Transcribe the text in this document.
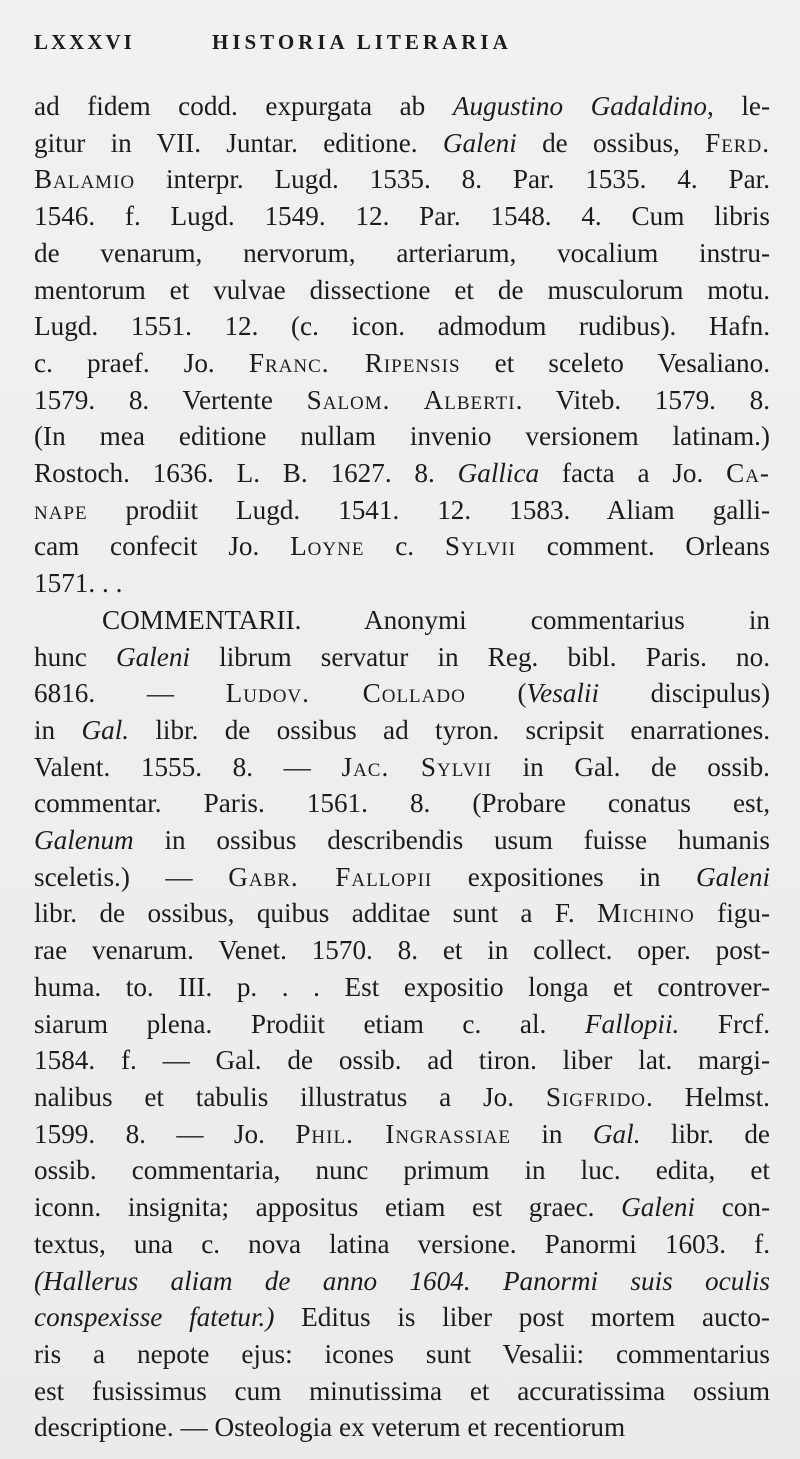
LXXXVI	HISTORIA LITERARIA
ad fidem codd. expurgata ab Augustino Gadaldino, le-
gitur in VII. Juntar. editione. Galeni de ossibus, Ferd.
Balamio interpr. Lugd. 1535. 8. Par. 1535. 4. Par.
1546. f. Lugd. 1549. 12. Par. 1548. 4. Cum libris
de venarum, nervorum, arteriarum, vocalium instru-
mentorum et vulvae dissectione et de musculorum motu.
Lugd. 1551. 12. (c. icon. admodum rudibus). Hafn.
c. praef. Jo. Franc. Ripensis et sceleto Vesaliano.
1579. 8. Vertente Salom. Alberti. Viteb. 1579. 8.
(In mea editione nullam invenio versionem latinam.)
Rostoch. 1636. L. B. 1627. 8. Gallica facta a Jo. Ca-
nape prodiit Lugd. 1541. 12. 1583. Aliam galli-
cam confecit Jo. Loyne c. Sylvii comment. Orleans
1571. . .
COMMENTARII. Anonymi commentarius in
hunc Galeni librum servatur in Reg. bibl. Paris. no.
6816. — Ludov. Collado (Vesalii discipulus)
in Gal. libr. de ossibus ad tyron. scripsit enarrationes.
Valent. 1555. 8. — Jac. Sylvii in Gal. de ossib.
commentar. Paris. 1561. 8. (Probare conatus est,
Galenum in ossibus describendis usum fuisse humanis
sceletis.) — Gabr. Fallopii expositiones in Galeni
libr. de ossibus, quibus additae sunt a F. Michino figu-
rae venarum. Venet. 1570. 8. et in collect. oper. post-
huma. to. III. p. . . Est expositio longa et controver-
siarum plena. Prodiit etiam c. al. Fallopii. Frcf.
1584. f. — Gal. de ossib. ad tiron. liber lat. margi-
nalibus et tabulis illustratus a Jo. Sigfrido. Helmst.
1599. 8. — Jo. Phil. Ingrassiae in Gal. libr. de
ossib. commentaria, nunc primum in luc. edita, et
iconn. insignita; appositus etiam est graec. Galeni con-
textus, una c. nova latina versione. Panormi 1603. f.
(Hallerus aliam de anno 1604. Panormi suis oculis
conspexisse fatetur.) Editus is liber post mortem aucto-
ris a nepote ejus: icones sunt Vesalii: commentarius
est fusissimus cum minutissima et accuratissima ossium
descriptione. — Osteologia ex veterum et recentiorum
